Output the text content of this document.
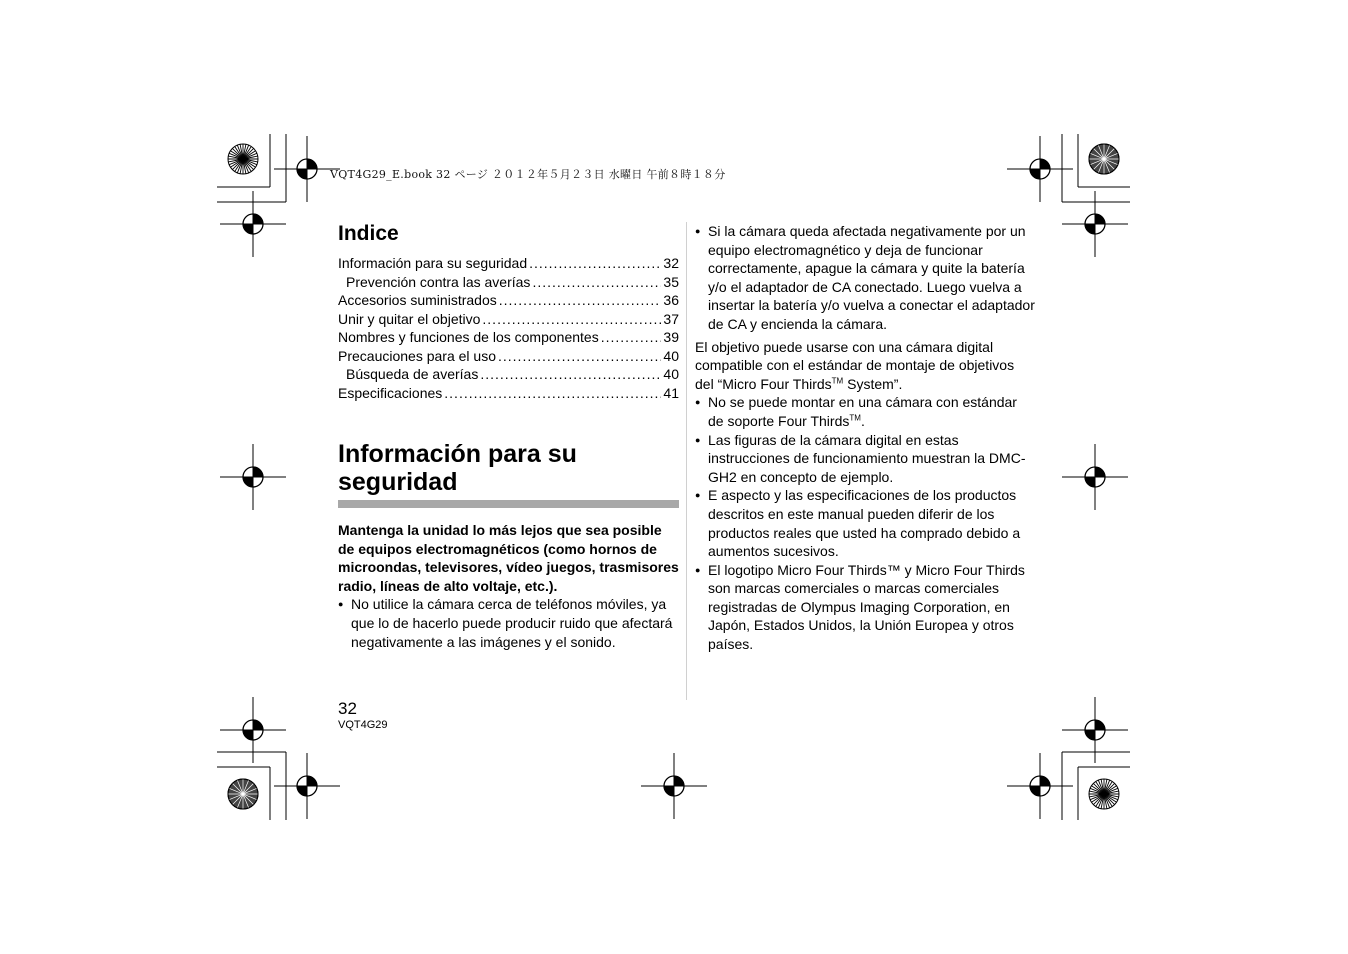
VQT4G29_E.book 32 ページ ２０１２年５月２３日 水曜日 午前８時１８分
Indice
Información para su seguridad .....	32
Prevención contra las averías .....	35
Accesorios suministrados .....	36
Unir y quitar el objetivo .....	37
Nombres y funciones de los componentes .....	39
Precauciones para el uso .....	40
Búsqueda de averías .....	40
Especificaciones .....	41
Información para su
seguridad

Mantenga la unidad lo más lejos que sea posible de equipos electromagnéticos (como hornos de microondas, televisores, vídeo juegos, trasmisores radio, líneas de alto voltaje, etc.).

● No utilice la cámara cerca de teléfonos móviles, ya que lo de hacerlo puede producir ruido que afectará negativamente a las imágenes y el sonido.
● Si la cámara queda afectada negativamente por un equipo electromagnético y deja de funcionar correctamente, apague la cámara y quite la batería y/o el adaptador de CA conectado. Luego vuelva a insertar la batería y/o vuelva a conectar el adaptador de CA y encienda la cámara.

El objetivo puede usarse con una cámara digital compatible con el estándar de montaje de objetivos del “Micro Four Thirds™ System”.

● No se puede montar en una cámara con estándar de soporte Four Thirds™.
● Las figuras de la cámara digital en estas instrucciones de funcionamiento muestran la DMC-GH2 en concepto de ejemplo.
● E aspecto y las especificaciones de los productos descritos en este manual pueden diferir de los productos reales que usted ha comprado debido a aumentos sucesivos.
● El logotipo Micro Four Thirds™ y Micro Four Thirds son marcas comerciales o marcas comerciales registradas de Olympus Imaging Corporation, en Japón, Estados Unidos, la Unión Europea y otros países.
32
VQT4G29
